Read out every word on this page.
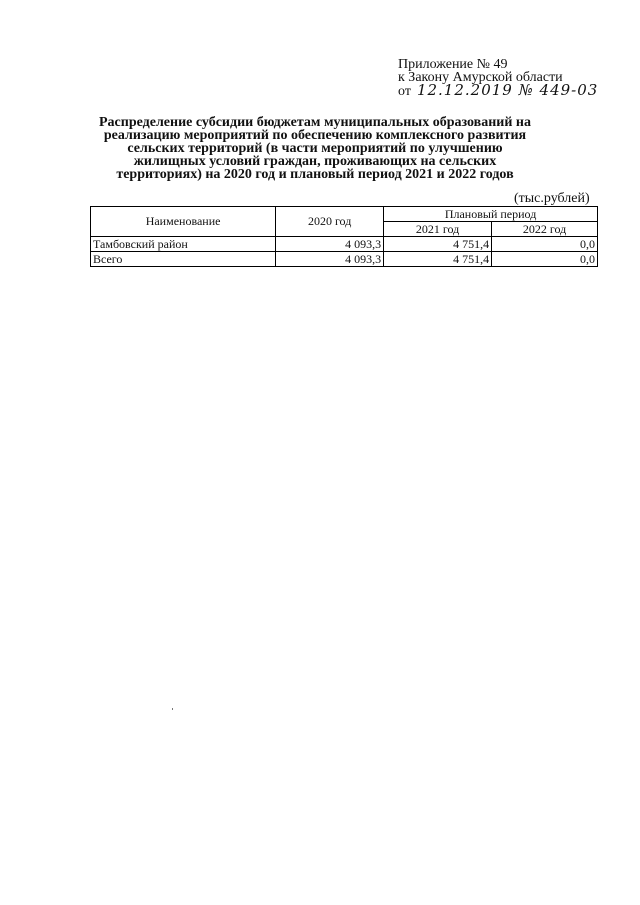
Приложение № 49
к Закону Амурской области
от 12.12.2019 № 449-03
Распределение субсидии бюджетам муниципальных образований на реализацию мероприятий по обеспечению комплексного развития сельских территорий (в части мероприятий по улучшению жилищных условий граждан, проживающих на сельских территориях) на 2020 год и плановый период 2021 и 2022 годов
(тыс.рублей)
Наименование	2020 год	Плановый период	
		2021 год	2022 год
Тамбовский район	4 093,3	4 751,4	0,0
Всего	4 093,3	4 751,4	0,0
